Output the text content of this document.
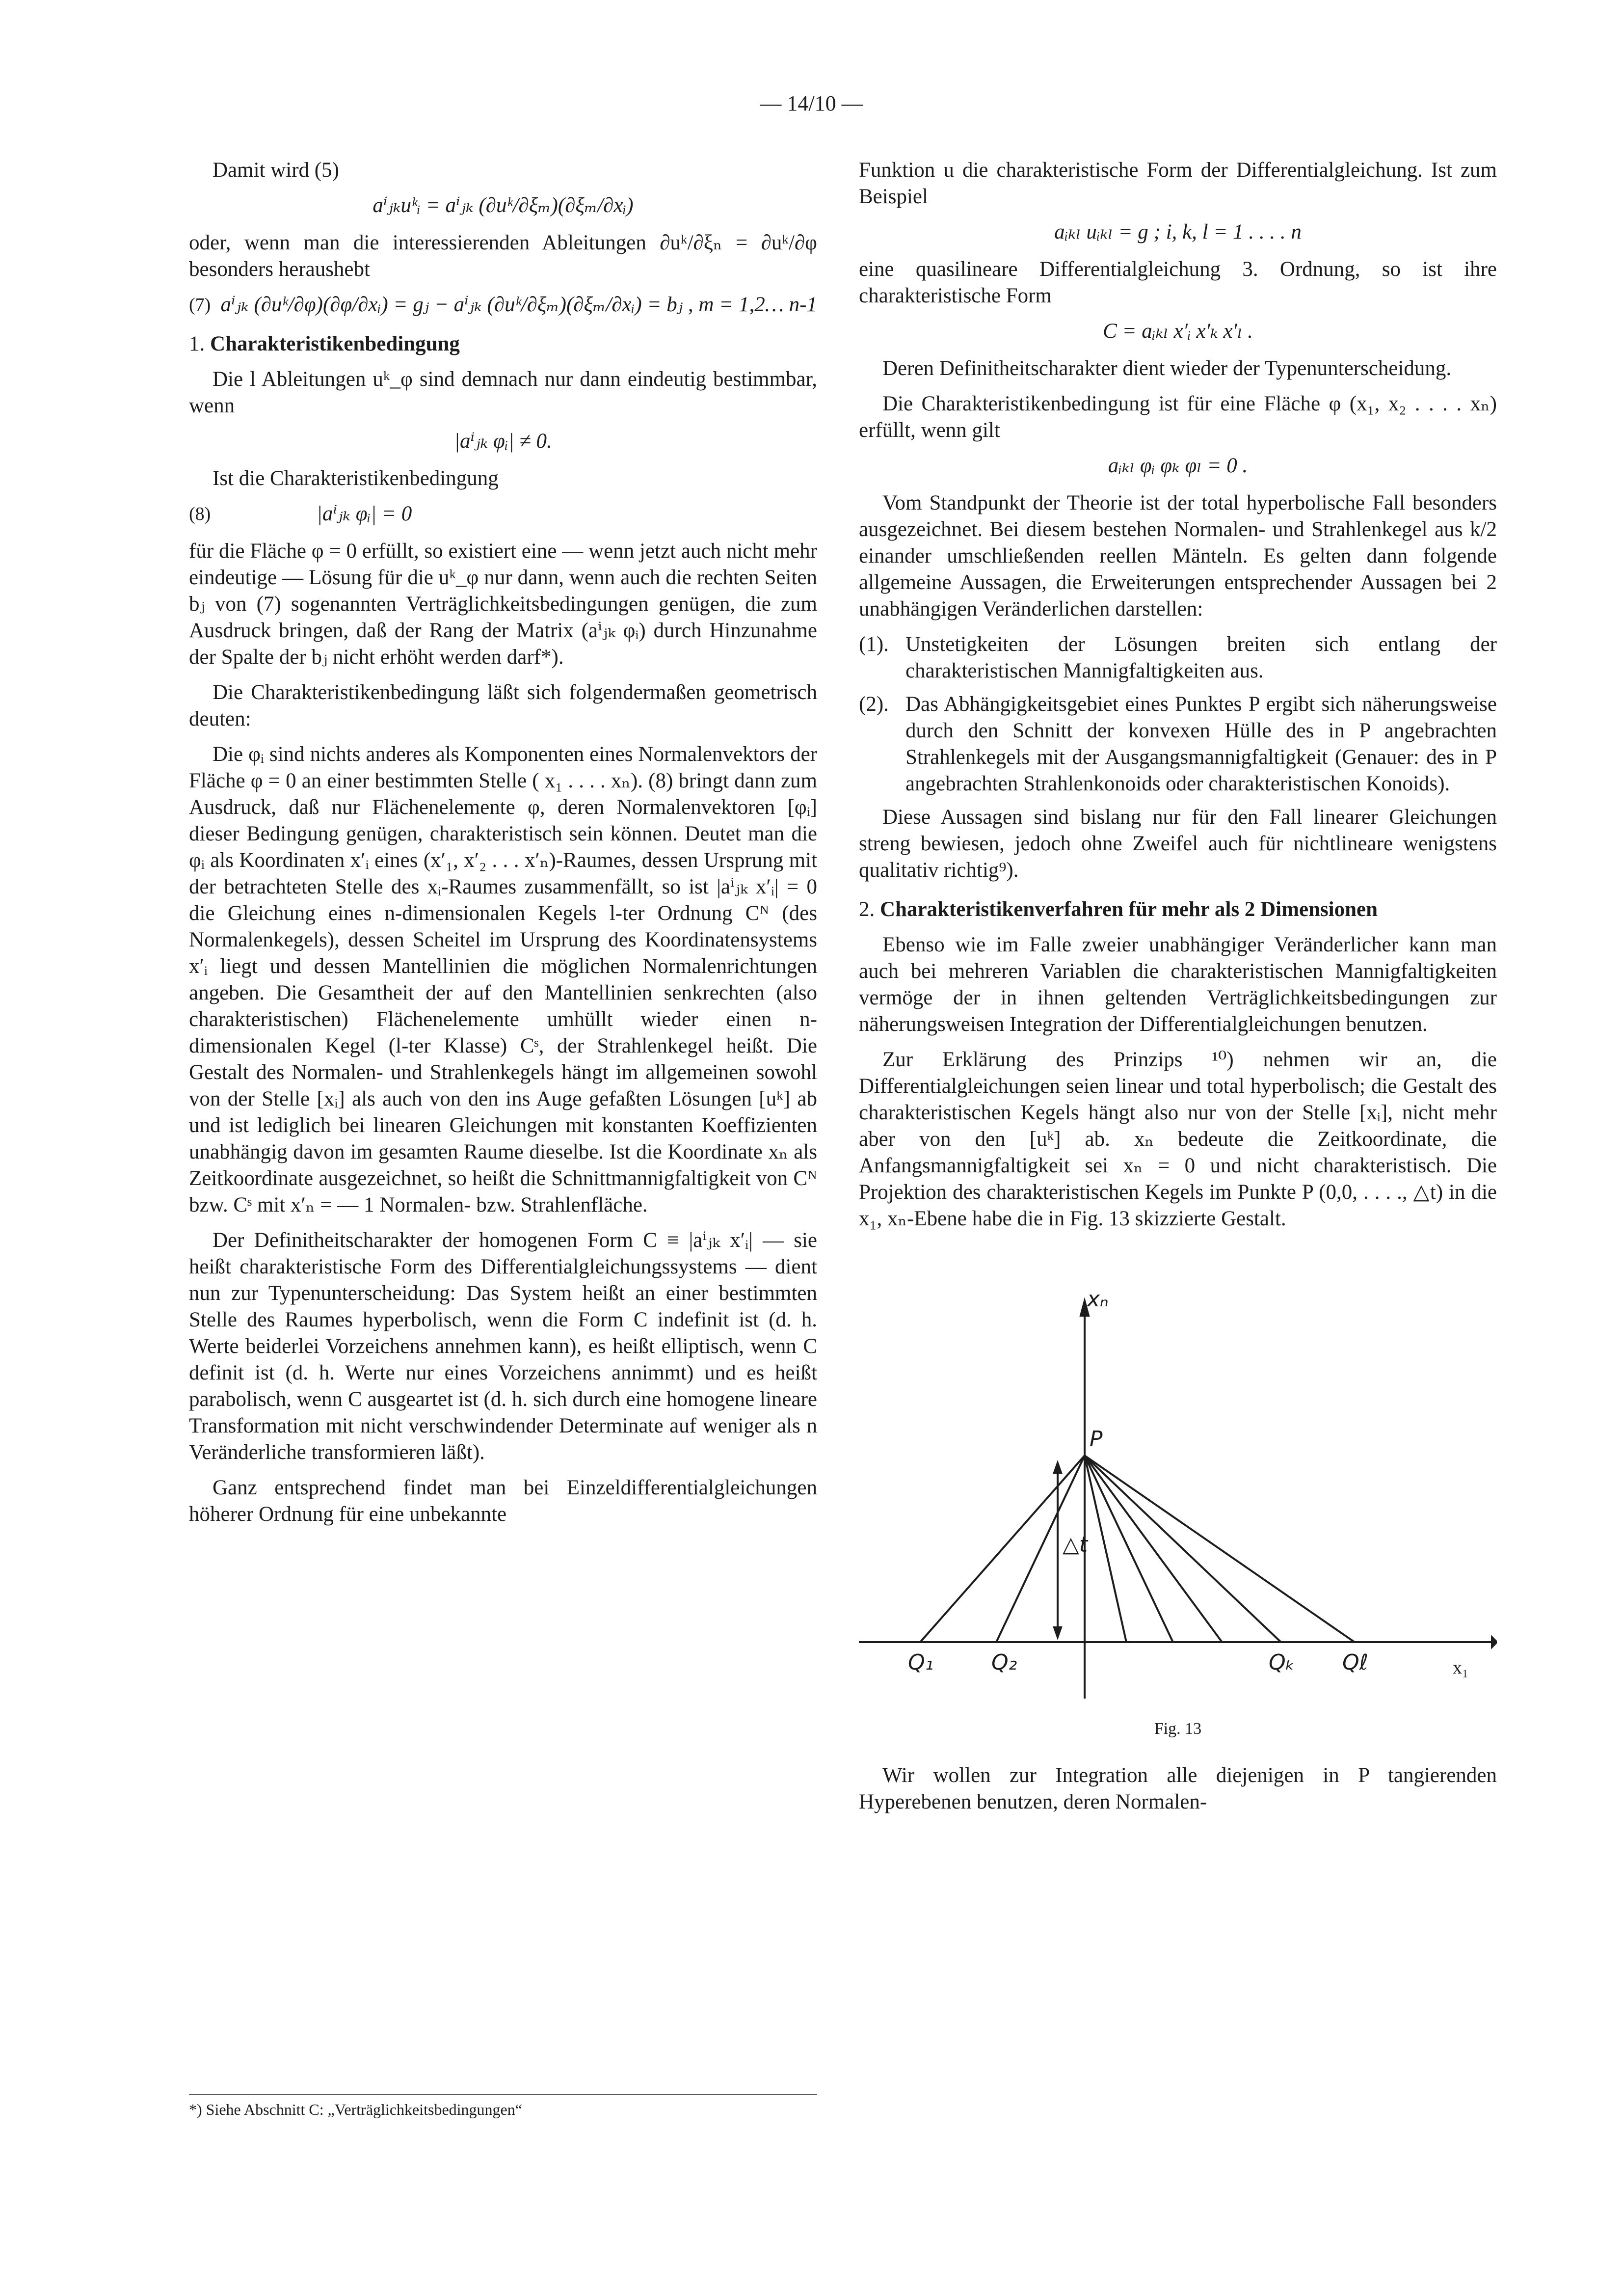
— 14/10 —

Damit wird (5)

aⁱⱼₖuᵏᵢ = aⁱⱼₖ (∂uᵏ/∂ξₘ)(∂ξₘ/∂xᵢ)

oder, wenn man die interessierenden Ableitungen ∂uᵏ/∂ξₙ = ∂uᵏ/∂φ besonders heraushebt

(7) aⁱⱼₖ (∂uᵏ/∂φ)(∂φ/∂xᵢ) = gⱼ − aⁱⱼₖ (∂uᵏ/∂ξₘ)(∂ξₘ/∂xᵢ) = bⱼ , m = 1,2… n-1
1. Charakteristikenbedingung

Die l Ableitungen uᵏ_φ sind demnach nur dann eindeutig bestimmbar, wenn

|aⁱⱼₖ φᵢ| ≠ 0.

Ist die Charakteristikenbedingung

(8)	|aⁱⱼₖ φᵢ| = 0

für die Fläche φ = 0 erfüllt, so existiert eine — wenn jetzt auch nicht mehr eindeutige — Lösung für die uᵏ_φ nur dann, wenn auch die rechten Seiten bⱼ von (7) sogenannten Verträglichkeitsbedingungen genügen, die zum Ausdruck bringen, daß der Rang der Matrix (aⁱⱼₖ φᵢ) durch Hinzunahme der Spalte der bⱼ nicht erhöht werden darf*).

Die Charakteristikenbedingung läßt sich folgendermaßen geometrisch deuten:

Die φᵢ sind nichts anderes als Komponenten eines Normalenvektors der Fläche φ = 0 an einer bestimmten Stelle ( x₁ . . . . xₙ). (8) bringt dann zum Ausdruck, daß nur Flächenelemente φ, deren Normalenvektoren [φᵢ] dieser Bedingung genügen, charakteristisch sein können. Deutet man die φᵢ als Koordinaten x′ᵢ eines (x′₁, x′₂ . . . x′ₙ)-Raumes, dessen Ursprung mit der betrachteten Stelle des xᵢ-Raumes zusammenfällt, so ist |aⁱⱼₖ x′ᵢ| = 0 die Gleichung eines n-dimensionalen Kegels l-ter Ordnung Cᴺ (des Normalenkegels), dessen Scheitel im Ursprung des Koordinatensystems x′ᵢ liegt und dessen Mantellinien die möglichen Normalenrichtungen angeben. Die Gesamtheit der auf den Mantellinien senkrechten (also charakteristischen) Flächenelemente umhüllt wieder einen n-dimensionalen Kegel (l-ter Klasse) Cˢ, der Strahlenkegel heißt. Die Gestalt des Normalen- und Strahlenkegels hängt im allgemeinen sowohl von der Stelle [xᵢ] als auch von den ins Auge gefaßten Lösungen [uᵏ] ab und ist lediglich bei linearen Gleichungen mit konstanten Koeffizienten unabhängig davon im gesamten Raume dieselbe. Ist die Koordinate xₙ als Zeitkoordinate ausgezeichnet, so heißt die Schnittmannigfaltigkeit von Cᴺ bzw. Cˢ mit x′ₙ = — 1 Normalen- bzw. Strahlenfläche.

Der Definitheitscharakter der homogenen Form C ≡ |aⁱⱼₖ x′ᵢ| — sie heißt charakteristische Form des Differentialgleichungssystems — dient nun zur Typenunterscheidung: Das System heißt an einer bestimmten Stelle des Raumes hyperbolisch, wenn die Form C indefinit ist (d. h. Werte beiderlei Vorzeichens annehmen kann), es heißt elliptisch, wenn C definit ist (d. h. Werte nur eines Vorzeichens annimmt) und es heißt parabolisch, wenn C ausgeartet ist (d. h. sich durch eine homogene lineare Transformation mit nicht verschwindender Determinate auf weniger als n Veränderliche transformieren läßt).

Ganz entsprechend findet man bei Einzeldifferentialgleichungen höherer Ordnung für eine unbekannte

*) Siehe Abschnitt C: „Verträglichkeitsbedingungen“

Funktion u die charakteristische Form der Differentialgleichung. Ist zum Beispiel

aᵢₖₗ uᵢₖₗ = g ; i, k, l = 1 . . . . n

eine quasilineare Differentialgleichung 3. Ordnung, so ist ihre charakteristische Form

C = aᵢₖₗ x′ᵢ x′ₖ x′ₗ .

Deren Definitheitscharakter dient wieder der Typenunterscheidung.

Die Charakteristikenbedingung ist für eine Fläche φ (x₁, x₂ . . . . xₙ) erfüllt, wenn gilt

aᵢₖₗ φᵢ φₖ φₗ = 0 .

Vom Standpunkt der Theorie ist der total hyperbolische Fall besonders ausgezeichnet. Bei diesem bestehen Normalen- und Strahlenkegel aus k/2 einander umschließenden reellen Mänteln. Es gelten dann folgende allgemeine Aussagen, die Erweiterungen entsprechender Aussagen bei 2 unabhängigen Veränderlichen darstellen:

(1). Unstetigkeiten der Lösungen breiten sich entlang der charakteristischen Mannigfaltigkeiten aus.
(2). Das Abhängigkeitsgebiet eines Punktes P ergibt sich näherungsweise durch den Schnitt der konvexen Hülle des in P angebrachten Strahlenkegels mit der Ausgangsmannigfaltigkeit (Genauer: des in P angebrachten Strahlenkonoids oder charakteristischen Konoids).

Diese Aussagen sind bislang nur für den Fall linearer Gleichungen streng bewiesen, jedoch ohne Zweifel auch für nichtlineare wenigstens qualitativ richtig⁹).

2. Charakteristikenverfahren für mehr als 2 Dimensionen

Ebenso wie im Falle zweier unabhängiger Veränderlicher kann man auch bei mehreren Variablen die charakteristischen Mannigfaltigkeiten vermöge der in ihnen geltenden Verträglichkeitsbedingungen zur näherungsweisen Integration der Differentialgleichungen benutzen.

Zur Erklärung des Prinzips ¹⁰) nehmen wir an, die Differentialgleichungen seien linear und total hyperbolisch; die Gestalt des charakteristischen Kegels hängt also nur von der Stelle [xᵢ], nicht mehr aber von den [uᵏ] ab. xₙ bedeute die Zeitkoordinate, die Anfangsmannigfaltigkeit sei xₙ = 0 und nicht charakteristisch. Die Projektion des charakteristischen Kegels im Punkte P (0,0, . . . ., △t) in die x₁, xₙ-Ebene habe die in Fig. 13 skizzierte Gestalt.

xₙ
x₁
P
△t
Q₁	Q₂	Qₖ Qℓ
Fig. 13

Wir wollen zur Integration alle diejenigen in P tangierenden Hyperebenen benutzen, deren Normalen-
